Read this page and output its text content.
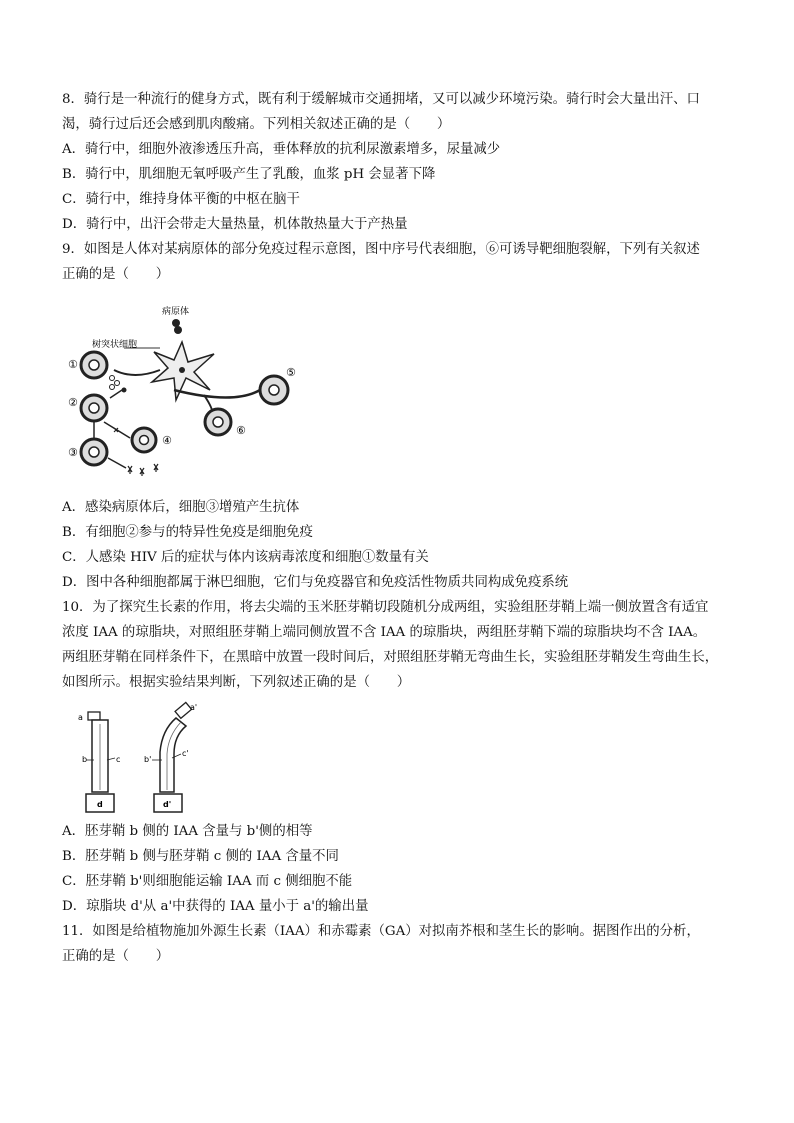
8．骑行是一种流行的健身方式，既有利于缓解城市交通拥堵，又可以减少环境污染。骑行时会大量出汗、口
渴，骑行过后还会感到肌肉酸痛。下列相关叙述正确的是（　　）
A．骑行中，细胞外液渗透压升高，垂体释放的抗利尿激素增多，尿量减少
B．骑行中，肌细胞无氧呼吸产生了乳酸，血浆 pH 会显著下降
C．骑行中，维持身体平衡的中枢在脑干
D．骑行中，出汗会带走大量热量，机体散热量大于产热量
9．如图是人体对某病原体的部分免疫过程示意图，图中序号代表细胞，⑥可诱导靶细胞裂解，下列有关叙述
正确的是（　　）
病原体
树突状细胞
①
⑤
⑥
②
④
③
A．感染病原体后，细胞③增殖产生抗体
B．有细胞②参与的特异性免疫是细胞免疫
C．人感染 HIV 后的症状与体内该病毒浓度和细胞①数量有关
D．图中各种细胞都属于淋巴细胞，它们与免疫器官和免疫活性物质共同构成免疫系统
10．为了探究生长素的作用，将去尖端的玉米胚芽鞘切段随机分成两组，实验组胚芽鞘上端一侧放置含有适宜
浓度 IAA 的琼脂块，对照组胚芽鞘上端同侧放置不含 IAA 的琼脂块，两组胚芽鞘下端的琼脂块均不含 IAA。
两组胚芽鞘在同样条件下，在黑暗中放置一段时间后，对照组胚芽鞘无弯曲生长，实验组胚芽鞘发生弯曲生长，
如图所示。根据实验结果判断，下列叙述正确的是（　　）
a
b	c
d
a'
b'
c'
d'
A．胚芽鞘 b 侧的 IAA 含量与 b'侧的相等
B．胚芽鞘 b 侧与胚芽鞘 c 侧的 IAA 含量不同
C．胚芽鞘 b'则细胞能运输 IAA 而 c 侧细胞不能
D．琼脂块 d'从 a'中获得的 IAA 量小于 a'的输出量
11．如图是给植物施加外源生长素（IAA）和赤霉素（GA）对拟南芥根和茎生长的影响。据图作出的分析，
正确的是（　　）
